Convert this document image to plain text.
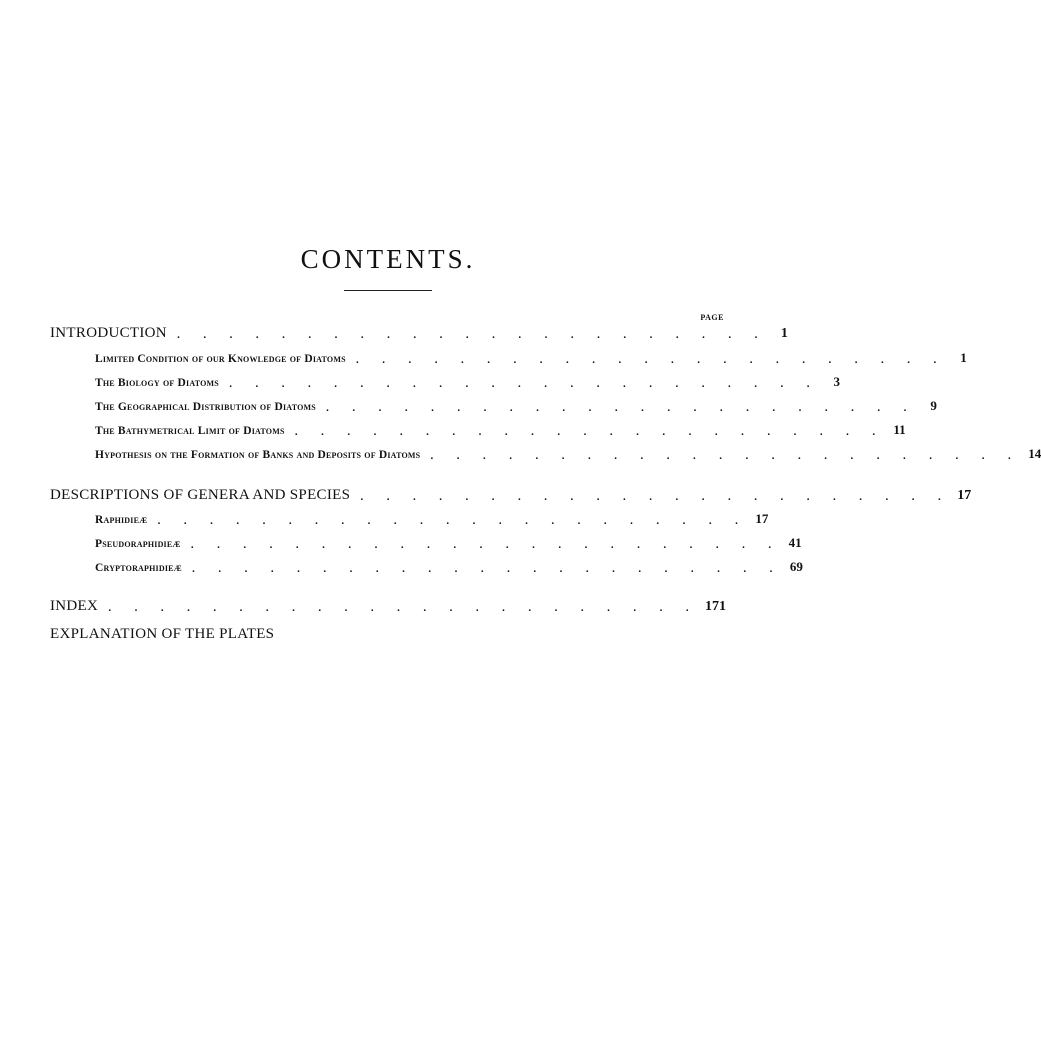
CONTENTS.
PAGE
INTRODUCTION .      .      .      .      .      .      .      .      .      .      .      .      .      .      .      .      .      .      .      .      .      .      .	1
Limited Condition of our Knowledge of Diatoms .      .      .      .      .      .      .      .      .      .      .      .      .      .      .      .      .      .      .      .      .      .      .	1
The Biology of Diatoms .      .      .      .      .      .      .      .      .      .      .      .      .      .      .      .      .      .      .      .      .      .      .	3
The Geographical Distribution of Diatoms .      .      .      .      .      .      .      .      .      .      .      .      .      .      .      .      .      .      .      .      .      .      .	9
The Bathymetrical Limit of Diatoms .      .      .      .      .      .      .      .      .      .      .      .      .      .      .      .      .      .      .      .      .      .      .	11
Hypothesis on the Formation of Banks and Deposits of Diatoms .      .      .      .      .      .      .      .      .      .      .      .      .      .      .      .      .      .      .      .      .      .      .	14
DESCRIPTIONS OF GENERA AND SPECIES .      .      .      .      .      .      .      .      .      .      .      .      .      .      .      .      .      .      .      .      .      .      .	17
Raphidieæ .      .      .      .      .      .      .      .      .      .      .      .      .      .      .      .      .      .      .      .      .      .      .	17
Pseudoraphidieæ .      .      .      .      .      .      .      .      .      .      .      .      .      .      .      .      .      .      .      .      .      .      .	41
Cryptoraphidieæ .      .      .      .      .      .      .      .      .      .      .      .      .      .      .      .      .      .      .      .      .      .      .	69
INDEX .      .      .      .      .      .      .      .      .      .      .      .      .      .      .      .      .      .      .      .      .      .      .	171
EXPLANATION OF THE PLATES
